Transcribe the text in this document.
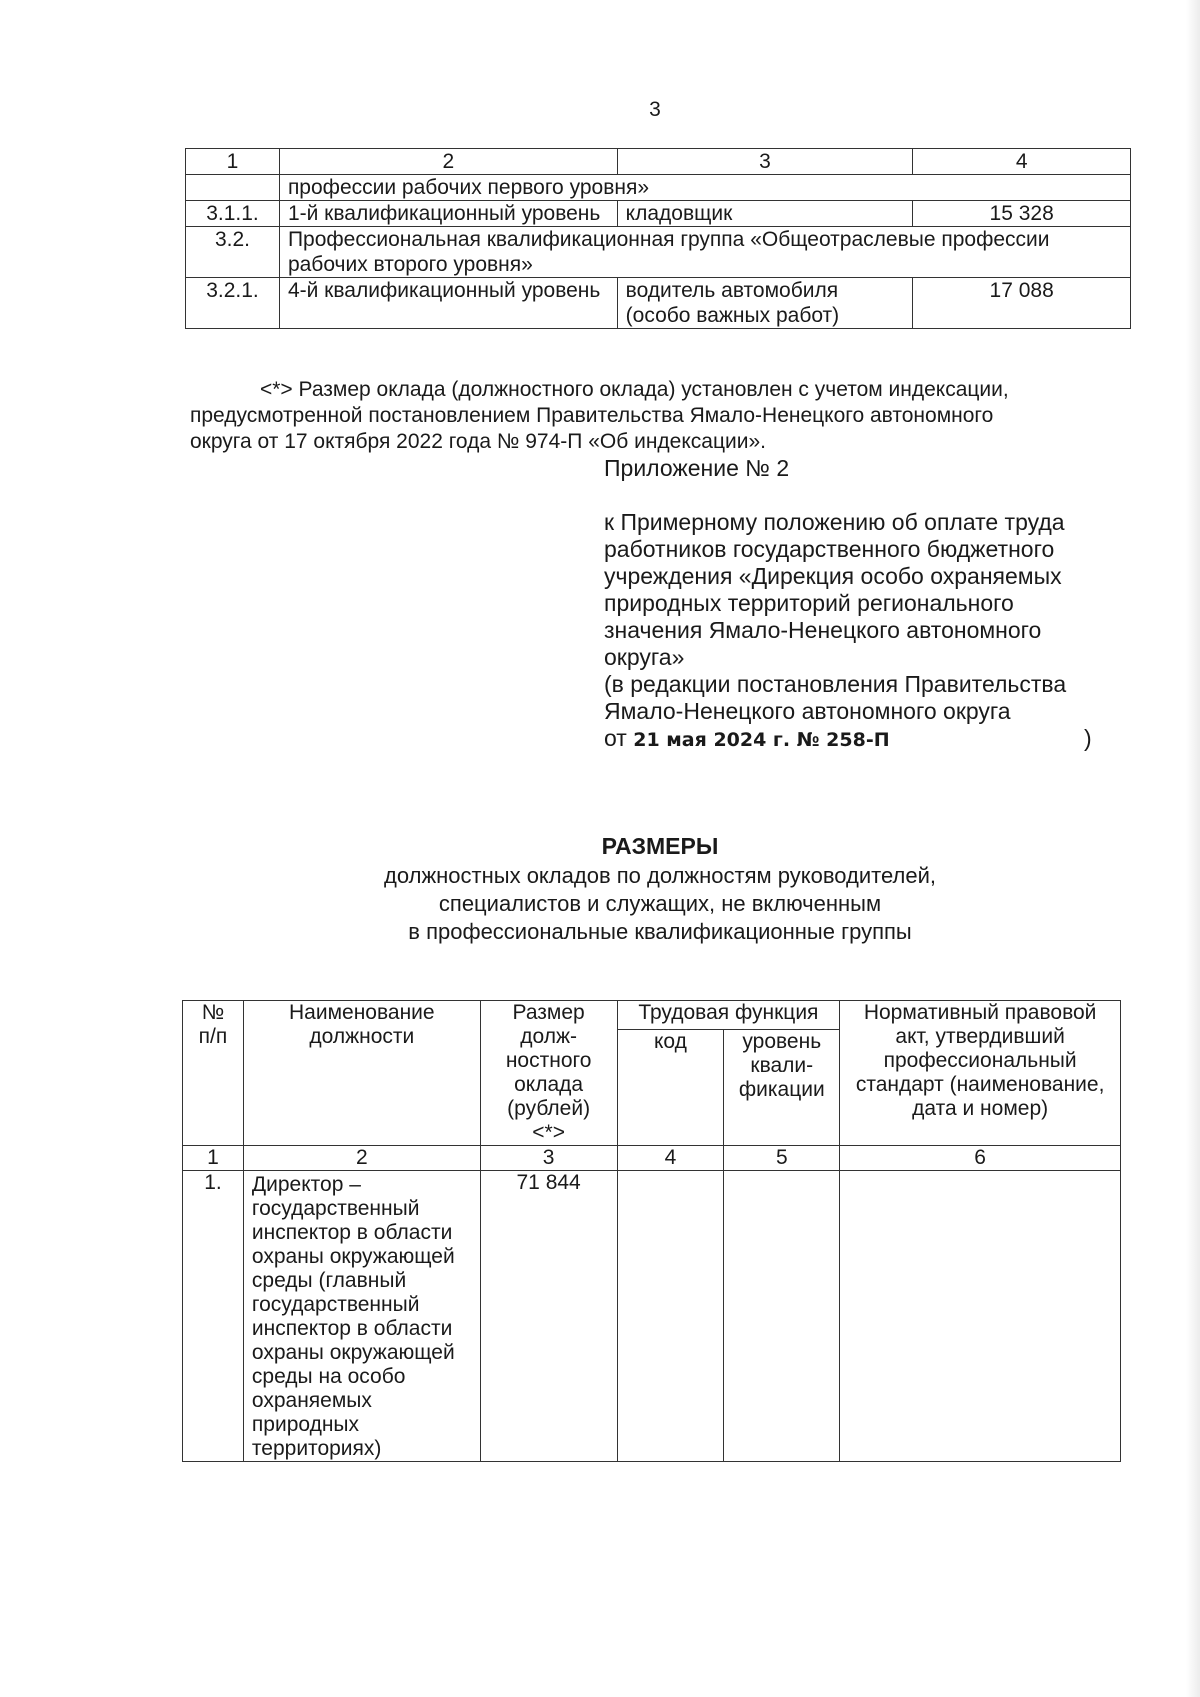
3
1	2	3	4
	профессии рабочих первого уровня»		
3.1.1.	1-й квалификационный уровень	кладовщик	15 328
3.2.	Профессиональная квалификационная группа «Общеотраслевые профессии рабочих второго уровня»		
3.2.1.	4-й квалификационный уровень	водитель автомобиля (особо важных работ)	17 088
<*> Размер оклада (должностного оклада) установлен с учетом индексации,
предусмотренной постановлением Правительства Ямало-Ненецкого автономного
округа от 17 октября 2022 года № 974-П «Об индексации».
Приложение № 2
к Примерному положению об оплате труда
работников государственного бюджетного
учреждения «Дирекция особо охраняемых
природных территорий регионального
значения Ямало-Ненецкого автономного
округа»
(в редакции постановления Правительства
Ямало-Ненецкого автономного округа
от 21 мая 2024 г. № 258-П	)
РАЗМЕРЫ
должностных окладов по должностям руководителей,
специалистов и служащих, не включенным
в профессиональные квалификационные группы
№ п/п	Наименование должности	Размер долж-ностного оклада (рублей) <*>	Трудовая функция		Нормативный правовой акт, утвердивший профессиональный стандарт (наименование, дата и номер)
			код	уровень квали-фикации	
1	2	3	4	5	6
1.	Директор – государственный инспектор в области охраны окружающей среды (главный государственный инспектор в области охраны окружающей среды на особо охраняемых природных территориях)	71 844			
